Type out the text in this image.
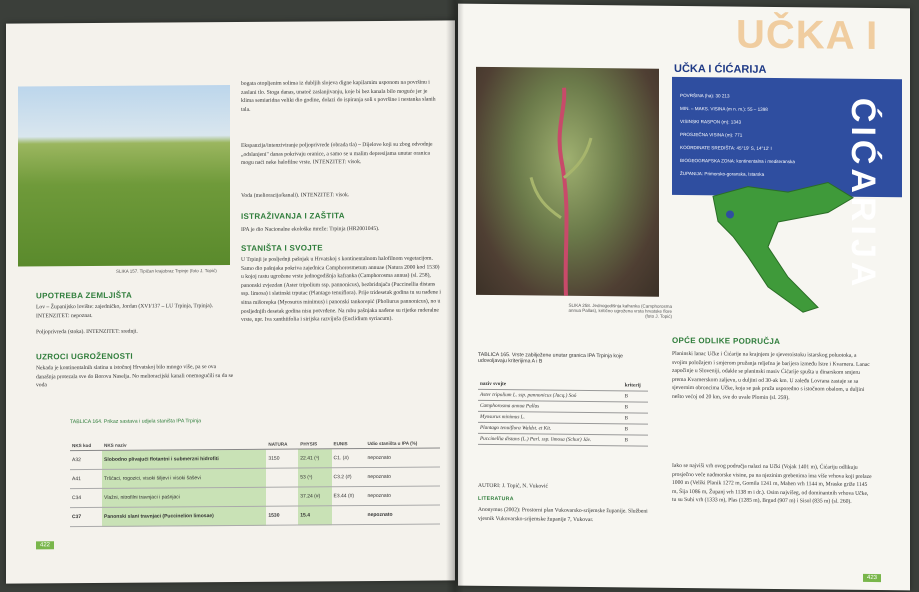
SLIKA 157. Tipičan krajobraz Trpinje (foto J. Topić)
UPOTREBA ZEMLJIŠTA
Lov – Županijsko lovište: zajedničko, Jordan (XVI/137 – LU Trpinja, Trpinja). INTENZITET: nepoznat.
Poljoprivreda (stoka). INTENZITET: srednji.
UZROCI UGROŽENOSTI
Nekada je kontinentalnih slatina u istočnoj Hrvatskoj bilo mnogo više, pa se ova današnja protezala sve do Borova Naselja. No melioracijski kanali onemogućili su da se voda
bogata otopljenim solima iz dubljih slojeva digne kapilarnim usponom na površinu i zaslani tlo. Stoga danas, unatoč zaslanjivanju, koje bi bez kanala bilo moguće jer je klima semiaridna veliki dio godine, dolazi do ispiranja soli s površine i nestanka slanih tala.
Ekspanzija/intenziviranje poljoprivrede (obrada tla) – Dijelove koji su zbog odvodnje „odslanjeni" danas pokrivaju oranice, a samo se u malim depresijama unutar oranica mogu naći neke halofilne vrste. INTENZITET: visok.
Voda (melioracija/kanali). INTENZITET: visok.
ISTRAŽIVANJA I ZAŠTITA
IPA je dio Nacionalne ekološke mreže: Trpinja (HR2001045).
STANIŠTA I SVOJTE
U Trpinji je posljednji pašnjak u Hrvatskoj s kontinentalnom halofilnom vegetacijom. Samo dio pašnjaka pokriva zajednica Camphorosmetum annuae (Natura 2000 kod 1530) u kojoj rastu ugrožene vrste jednogodišnja kafranka (Camphorosma annua) (sl. 258), panonski zvjezdan (Aster tripolium ssp. pannonicus), bezbridnjača (Puccinellia distans ssp. limosa) i slatinski trputac (Plantago tenuiflora). Prije tridesetak godina tu su nađene i sitna mišorepka (Myosurus minimus) i panonski tankorepić (Pholiurus pannonicus), no u posljednjih desetak godina nisu potvrđene. Na rubu pašnjaka nađene su rijetke ruderalne vrste, npr. Iva xanthiifolia i sirijska razvijuša (Euclidium syriacum).
TABLICA 164. Prikaz sastava i udjela staništa IPA Trpinja
NKS kod	NKS naziv	NATURA	PHYSIS	EUNIS	Udio staništa u IPA (%)
A32	Slobodno plivajući flotantni i submerzni hidrofiti	3150	22.41 (ⁿ)	C1. (#)	nepoznato
A41	Tršćaci, rogozici, visoki šiljevi i visoki šaševi		53 (ⁿ)	C3.2 (#)	nepoznato
C34	Vlažni, nitrofilni travnjaci i pašnjaci		37.24 (#)	E3.44 (#)	nepoznato
C37	Panonski slani travnjaci (Puccinelion limosae)	1530	15.4		nepoznato
422
SLIKA 258. Jednogodišnja kafranka (Camphorosma annua Pallas), kritično ugrožena vrsta hrvatske flore (foto J. Topić)
UČKA I
UČKA I ĆIĆARIJA
POVRŠINA (ha): 30 213
MIN. – MAKS. VISINA (m n. m.): 55 – 1398
VISINSKI RASPON (m): 1343
PROSJEČNA VISINA (m): 771
KOORDINATE SREDIŠTA: 45°19' S, 14°12' I
BIOGEOGRAFSKA ZONA: kontinentalna i mediteranska
ŽUPANIJA: Primorsko-goranska, Istarska ĆIĆARIJA
TABLICA 165. Vrste zabilježene unutar granica IPA Trpinja koje udovoljavaju kriterijima A i B
naziv svojte	kriterij
Aster tripolium L. ssp. pannonicus (Jacq.) Soó	B
Camphorosma annua Pallas	B
Myosurus minimus L.	B
Plantago tenuiflora Waldst. et Kit.	B
Puccinellia distans (L.) Parl. ssp. limosa (Schur) Jáv.	B
AUTORI: J. Topić, N. Vuković
LITERATURA
Anonymus (2002): Prostorni plan Vukovarsko-srijemske županije. Službeni vjesnik Vukovarsko-srijemske županije 7, Vukovar.
OPĆE ODLIKE PODRUČJA
Planinski lanac Učke i Ćićarije na krajnjem je sjeveroistoku istarskog poluotoka, a svojim položajem i smjerom pružanja reljefna je barijera između Istre i Kvarnera. Lanac započinje u Sloveniji, odakle se planinski masiv Ćićarije spušta u dinarskom smjeru prema Kvarnerskom zaljevu, u duljini od 30-ak km. U zaleđu Lovrana zastaje se sa sjevernim obroncima Učke, koja se pak pruža usporedno s istočnom obalom, u duljini nešto većoj od 20 km, sve do uvale Plomin (sl. 259).
Iako se najviši vrh ovog područja nalazi na Učki (Vojak 1401 m), Ćićariju odlikuju prosječno veće nadmorske visine, pa na njezinim grebenima ima više vrhova koji prelaze 1000 m (Veliki Planik 1272 m, Gomila 1241 m, Mahen vrh 1144 m, Mraske griže 1145 m, Šija 1086 m, Županj vrh 1138 m i dr.). Osim najvišeg, od dominantnih vrhova Učke, tu su Suhi vrh (1333 m), Plas (1285 m), Brgud (907 m) i Sisol (835 m) (sl. 260).
423
